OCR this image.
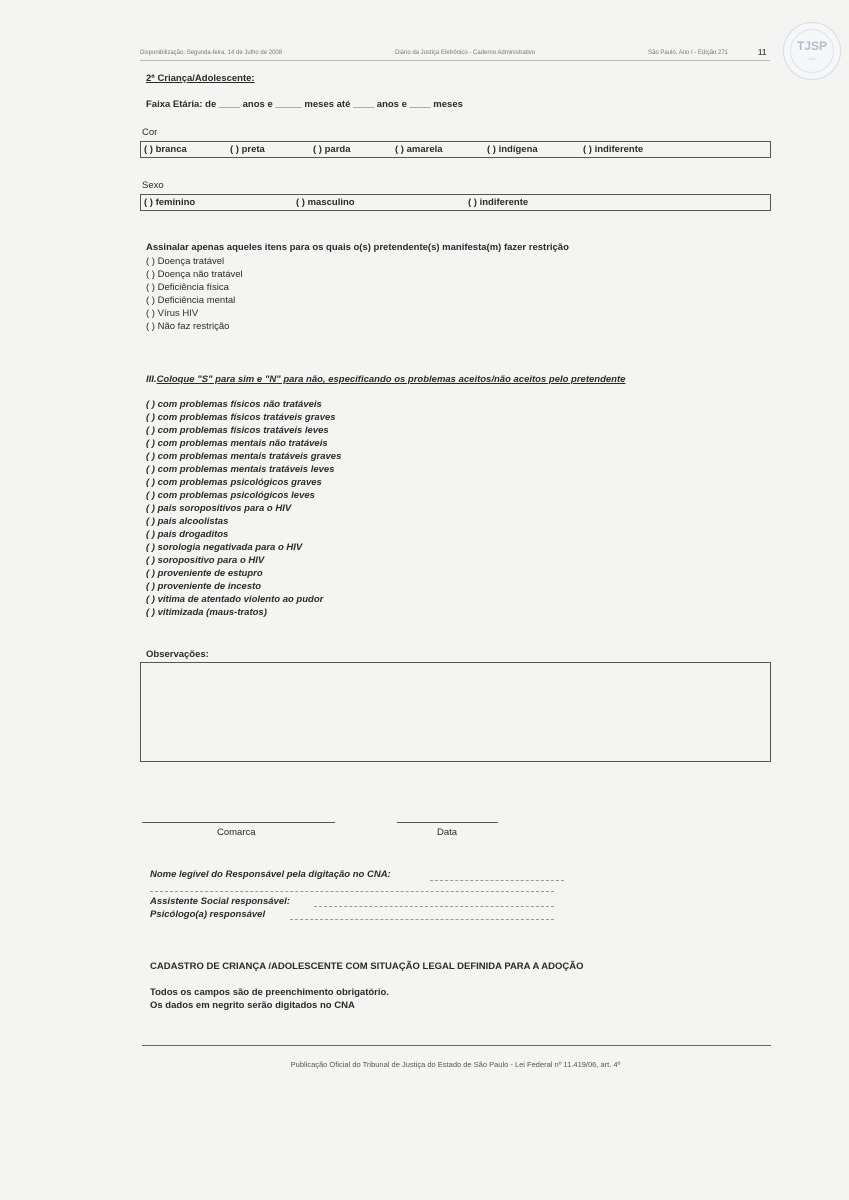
Disponibilização: Segunda-feira, 14 de Julho de 2008	Diário da Justiça Eletrônico - Caderno Administrativo	São Paulo, Ano I - Edição 271	11	TJSP
SAJ
2ª Criança/Adolescente:
Faixa Etária: de ____ anos e _____ meses até ____ anos e ____ meses
Cor
( ) branca	( ) preta	( ) parda	( ) amarela	( ) indígena	( ) indiferente
Sexo
( ) feminino	( ) masculino	( ) indiferente
Assinalar apenas aqueles itens para os quais o(s) pretendente(s) manifesta(m) fazer restrição
( ) Doença tratável
( ) Doença não tratável
( ) Deficiência física
( ) Deficiência mental
( ) Vírus HIV
( ) Não faz restrição
III.Coloque "S" para sim e "N" para não, especificando os problemas aceitos/não aceitos pelo pretendente
( ) com problemas físicos não tratáveis
( ) com problemas físicos tratáveis graves
( ) com problemas físicos tratáveis leves
( ) com problemas mentais não tratáveis
( ) com problemas mentais tratáveis graves
( ) com problemas mentais tratáveis leves
( ) com problemas psicológicos graves
( ) com problemas psicológicos leves
( ) pais soropositivos para o HIV
( ) pais alcoolistas
( ) pais drogaditos
( ) sorologia negativada para o HIV
( ) soropositivo para o HIV
( ) proveniente de estupro
( ) proveniente de incesto
( ) vítima de atentado violento ao pudor
( ) vitimizada (maus-tratos)
Observações:
Comarca	Data
Nome legível do Responsável pela digitação no CNA:
Assistente Social responsável:
Psicólogo(a) responsável
CADASTRO DE CRIANÇA /ADOLESCENTE COM SITUAÇÃO LEGAL DEFINIDA PARA A ADOÇÃO
Todos os campos são de preenchimento obrigatório.
Os dados em negrito serão digitados no CNA
Publicação Oficial do Tribunal de Justiça do Estado de São Paulo - Lei Federal nº 11.419/06, art. 4º
